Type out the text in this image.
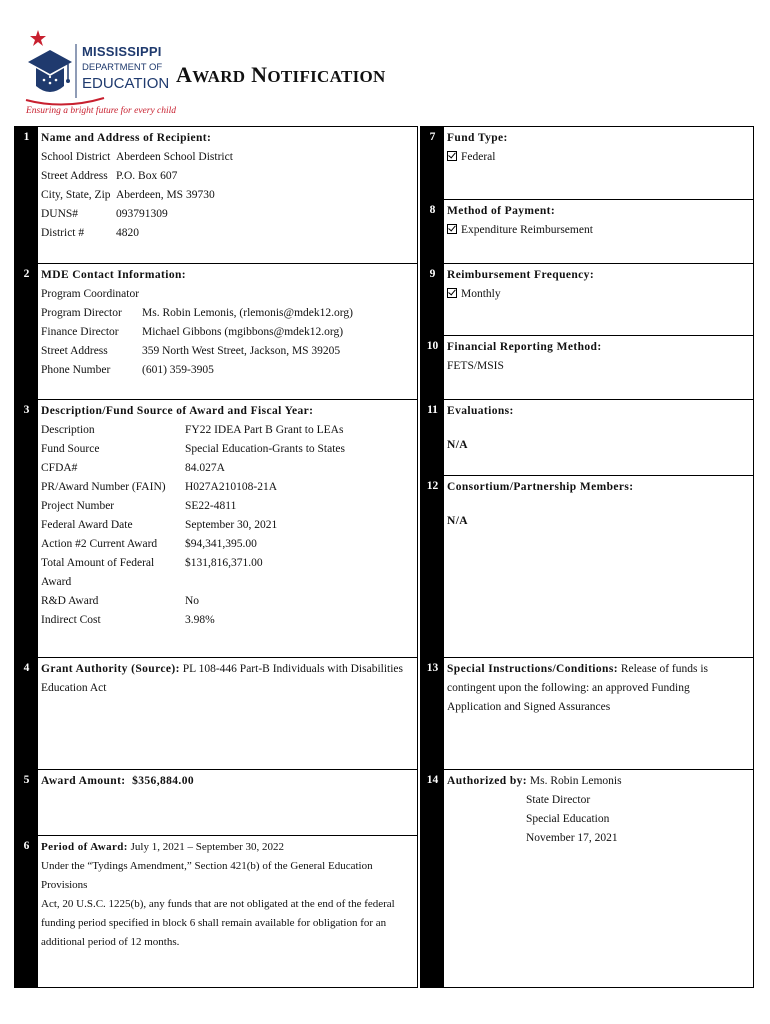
MISSISSIPPI
DEPARTMENT OF
EDUCATION
Ensuring a bright future for every child
AWARD NOTIFICATION
1	Name and Address of Recipient:
School District Aberdeen School District
Street Address P.O. Box 607
City, State, Zip Aberdeen, MS 39730
DUNS#	093791309
District #	4820
2	MDE Contact Information:
Program Coordinator
Program Director	Ms. Robin Lemonis, (rlemonis@mdek12.org)
Finance Director	Michael Gibbons (mgibbons@mdek12.org)
Street Address	359 North West Street, Jackson, MS 39205
Phone Number	(601) 359-3905
3	Description/Fund Source of Award and Fiscal Year:
Description	FY22 IDEA Part B Grant to LEAs
Fund Source	Special Education-Grants to States
CFDA#	84.027A
PR/Award Number (FAIN)	H027A210108-21A
Project Number	SE22-4811
Federal Award Date	September 30, 2021
Action #2 Current Award	$94,341,395.00
Total Amount of Federal Award
$131,816,371.00
R&D Award	No
Indirect Cost	3.98%
4	Grant Authority (Source): PL 108-446 Part-B Individuals with Disabilities
Education Act
5	Award Amount: $356,884.00
6	Period of Award: July 1, 2021 – September 30, 2022
Under the “Tydings Amendment,” Section 421(b) of the General Education Provisions
Act, 20 U.S.C. 1225(b), any funds that are not obligated at the end of the federal
funding period specified in block 6 shall remain available for obligation for an
additional period of 12 months.
7	Fund Type:
Federal
8	Method of Payment:
Expenditure Reimbursement
9	Reimbursement Frequency:
Monthly
10 Financial Reporting Method:
FETS/MSIS
11 Evaluations:
N/A
12 Consortium/Partnership Members:
N/A
13 Special Instructions/Conditions: Release of funds is
contingent upon the following: an approved Funding
Application and Signed Assurances
14 Authorized by: Ms. Robin Lemonis
State Director
Special Education
November 17, 2021
